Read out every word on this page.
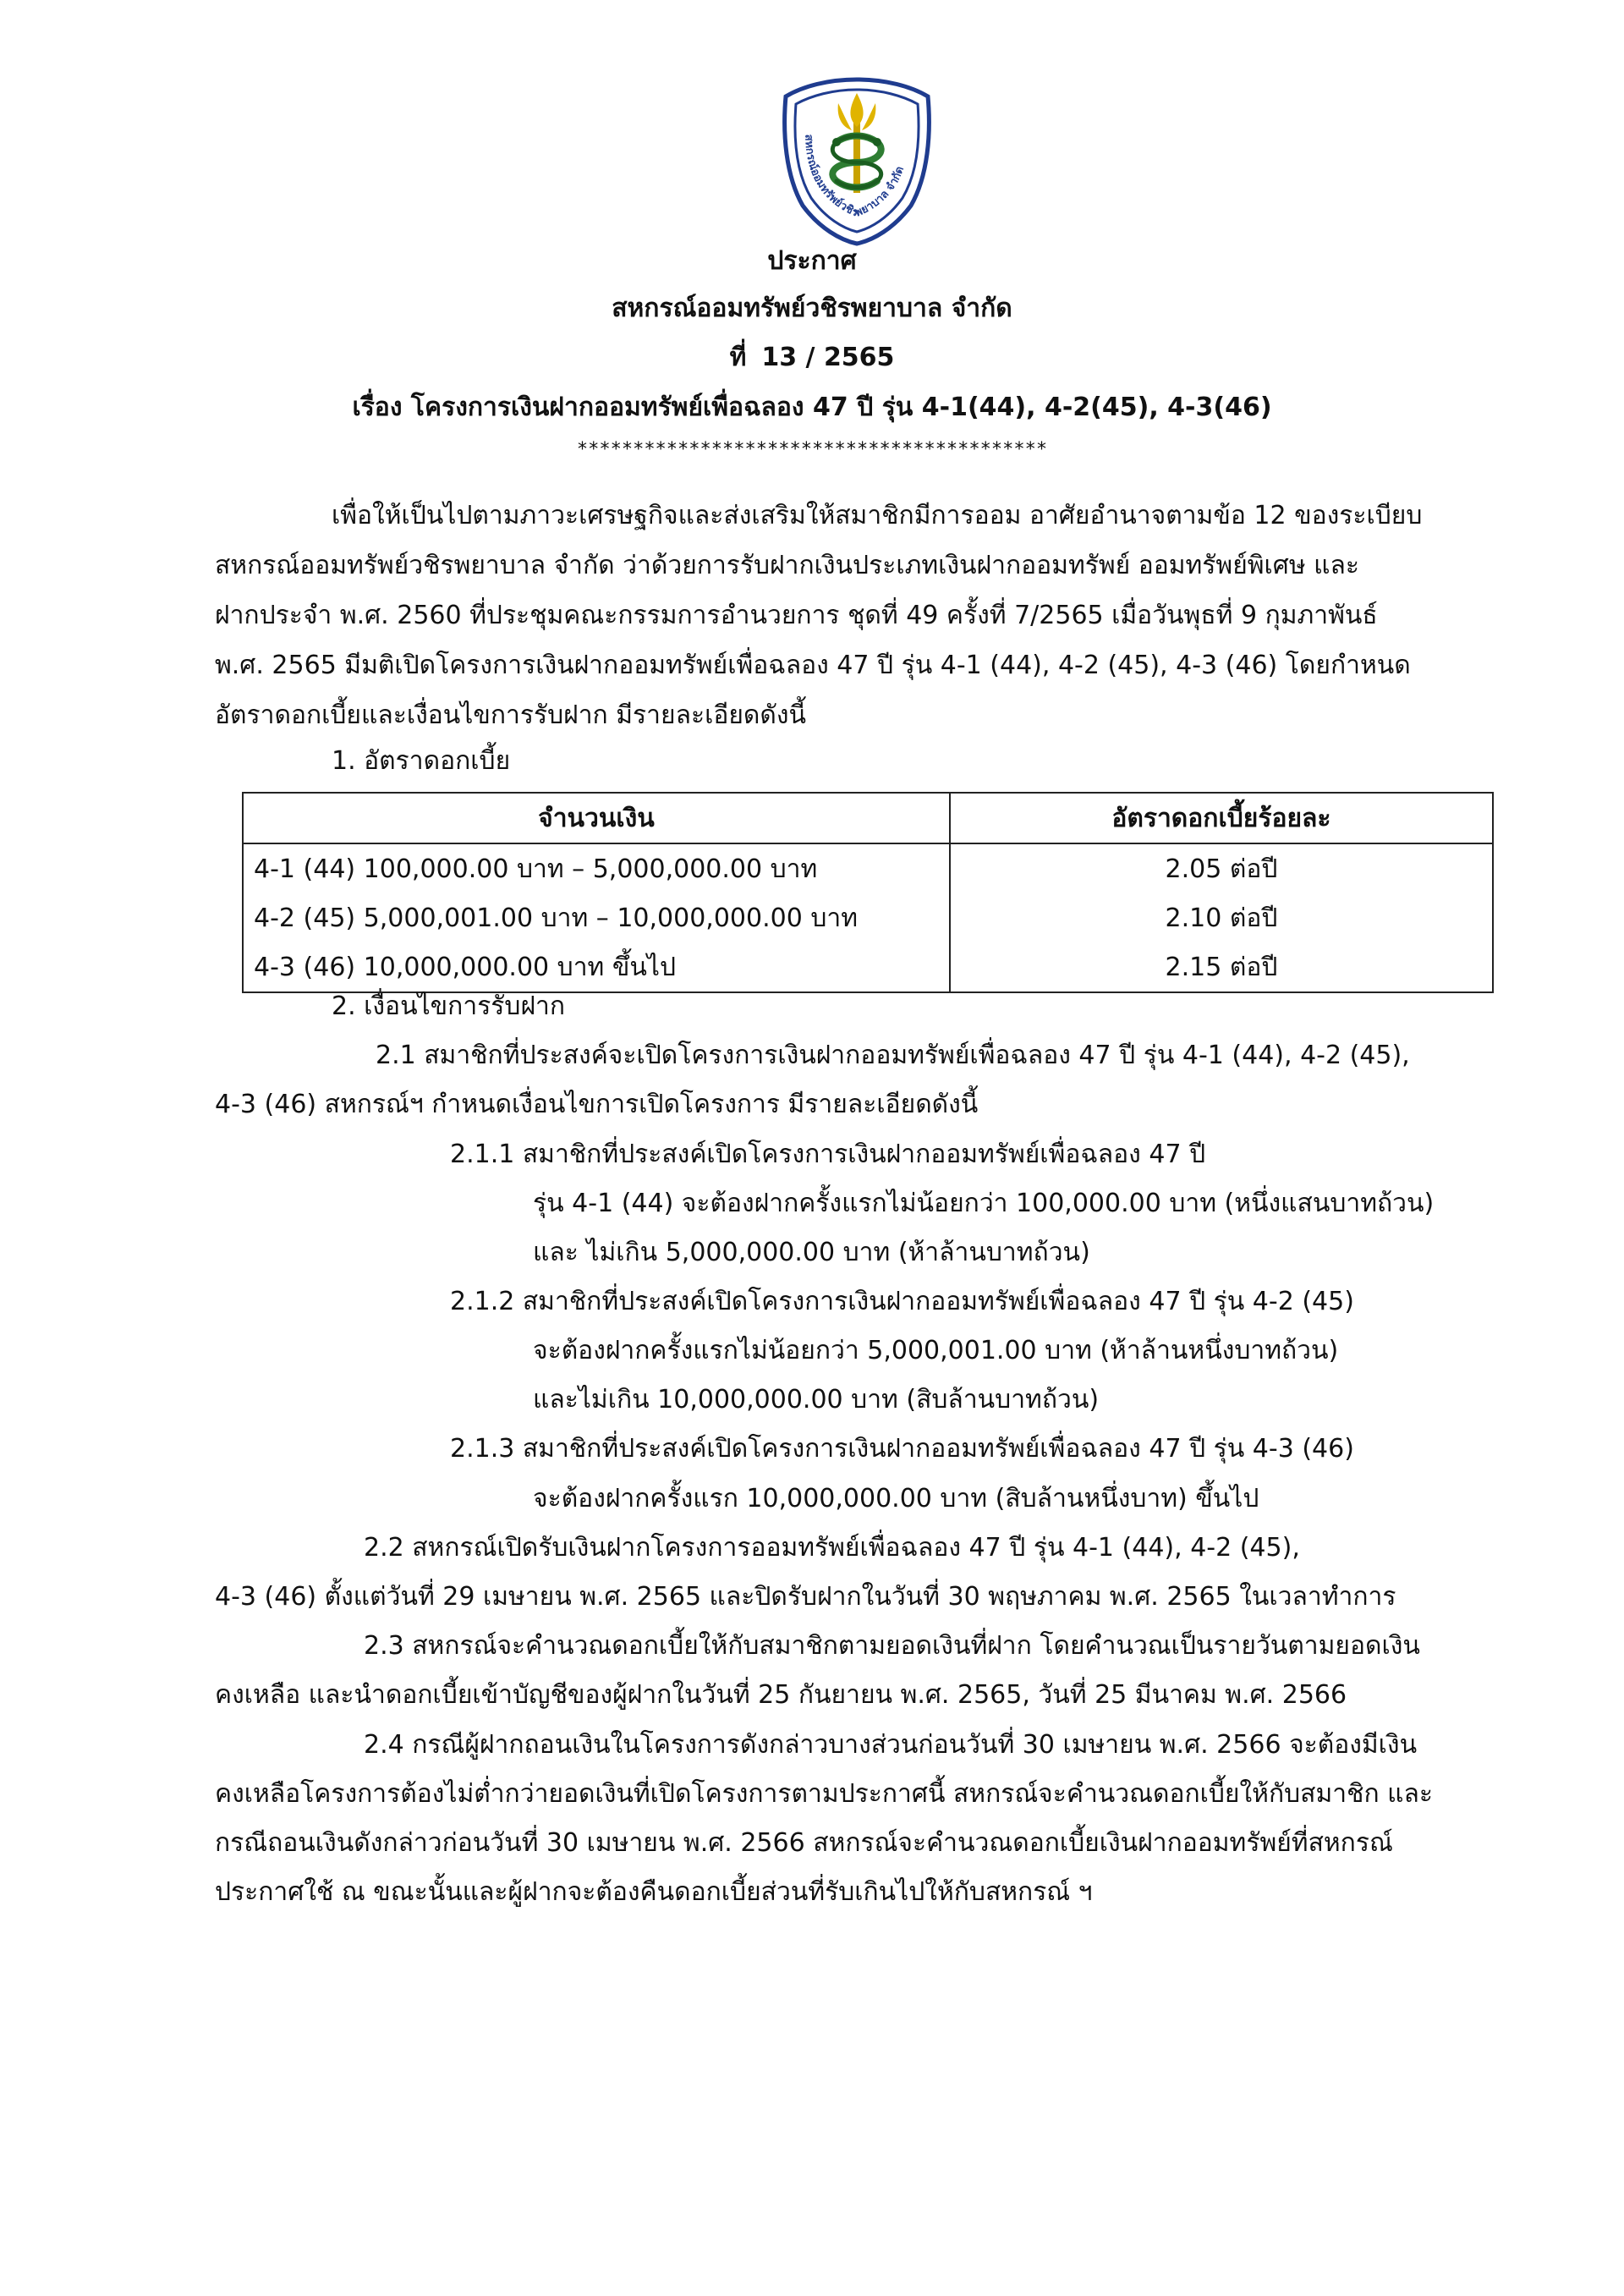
สหกรณ์ออมทรัพย์วชิรพยาบาล จำกัด
ประกาศ
สหกรณ์ออมทรัพย์วชิรพยาบาล จำกัด
ที่ 13 / 2565
เรื่อง โครงการเงินฝากออมทรัพย์เพื่อฉลอง 47 ปี รุ่น 4-1(44), 4-2(45), 4-3(46)
******************************************

เพื่อให้เป็นไปตามภาวะเศรษฐกิจและส่งเสริมให้สมาชิกมีการออม อาศัยอำนาจตามข้อ 12 ของระเบียบ

สหกรณ์ออมทรัพย์วชิรพยาบาล จำกัด ว่าด้วยการรับฝากเงินประเภทเงินฝากออมทรัพย์ ออมทรัพย์พิเศษ และ

ฝากประจำ พ.ศ. 2560 ที่ประชุมคณะกรรมการอำนวยการ ชุดที่ 49 ครั้งที่ 7/2565 เมื่อวันพุธที่ 9 กุมภาพันธ์

พ.ศ. 2565 มีมติเปิดโครงการเงินฝากออมทรัพย์เพื่อฉลอง 47 ปี รุ่น 4-1 (44), 4-2 (45), 4-3 (46) โดยกำหนด

อัตราดอกเบี้ยและเงื่อนไขการรับฝาก มีรายละเอียดดังนี้

1. อัตราดอกเบี้ย
จำนวนเงิน	อัตราดอกเบี้ยร้อยละ
4-1 (44) 100,000.00 บาท – 5,000,000.00 บาท	2.05 ต่อปี
4-2 (45) 5,000,001.00 บาท – 10,000,000.00 บาท	2.10 ต่อปี
4-3 (46) 10,000,000.00 บาท ขึ้นไป	2.15 ต่อปี
2. เงื่อนไขการรับฝาก
2.1 สมาชิกที่ประสงค์จะเปิดโครงการเงินฝากออมทรัพย์เพื่อฉลอง 47 ปี รุ่น 4-1 (44), 4-2 (45),
4-3 (46) สหกรณ์ฯ กำหนดเงื่อนไขการเปิดโครงการ มีรายละเอียดดังนี้
2.1.1 สมาชิกที่ประสงค์เปิดโครงการเงินฝากออมทรัพย์เพื่อฉลอง 47 ปี
รุ่น 4-1 (44) จะต้องฝากครั้งแรกไม่น้อยกว่า 100,000.00 บาท (หนึ่งแสนบาทถ้วน)
และ ไม่เกิน 5,000,000.00 บาท (ห้าล้านบาทถ้วน)
2.1.2 สมาชิกที่ประสงค์เปิดโครงการเงินฝากออมทรัพย์เพื่อฉลอง 47 ปี รุ่น 4-2 (45)
จะต้องฝากครั้งแรกไม่น้อยกว่า 5,000,001.00 บาท (ห้าล้านหนึ่งบาทถ้วน)
และไม่เกิน 10,000,000.00 บาท (สิบล้านบาทถ้วน)
2.1.3 สมาชิกที่ประสงค์เปิดโครงการเงินฝากออมทรัพย์เพื่อฉลอง 47 ปี รุ่น 4-3 (46)
จะต้องฝากครั้งแรก 10,000,000.00 บาท (สิบล้านหนึ่งบาท) ขึ้นไป
2.2 สหกรณ์เปิดรับเงินฝากโครงการออมทรัพย์เพื่อฉลอง 47 ปี รุ่น 4-1 (44), 4-2 (45),
4-3 (46) ตั้งแต่วันที่ 29 เมษายน พ.ศ. 2565 และปิดรับฝากในวันที่ 30 พฤษภาคม พ.ศ. 2565 ในเวลาทำการ
2.3 สหกรณ์จะคำนวณดอกเบี้ยให้กับสมาชิกตามยอดเงินที่ฝาก โดยคำนวณเป็นรายวันตามยอดเงิน
คงเหลือ และนำดอกเบี้ยเข้าบัญชีของผู้ฝากในวันที่ 25 กันยายน พ.ศ. 2565, วันที่ 25 มีนาคม พ.ศ. 2566
2.4 กรณีผู้ฝากถอนเงินในโครงการดังกล่าวบางส่วนก่อนวันที่ 30 เมษายน พ.ศ. 2566 จะต้องมีเงิน
คงเหลือโครงการต้องไม่ต่ำกว่ายอดเงินที่เปิดโครงการตามประกาศนี้ สหกรณ์จะคำนวณดอกเบี้ยให้กับสมาชิก และ
กรณีถอนเงินดังกล่าวก่อนวันที่ 30 เมษายน พ.ศ. 2566 สหกรณ์จะคำนวณดอกเบี้ยเงินฝากออมทรัพย์ที่สหกรณ์
ประกาศใช้ ณ ขณะนั้นและผู้ฝากจะต้องคืนดอกเบี้ยส่วนที่รับเกินไปให้กับสหกรณ์ ฯ
